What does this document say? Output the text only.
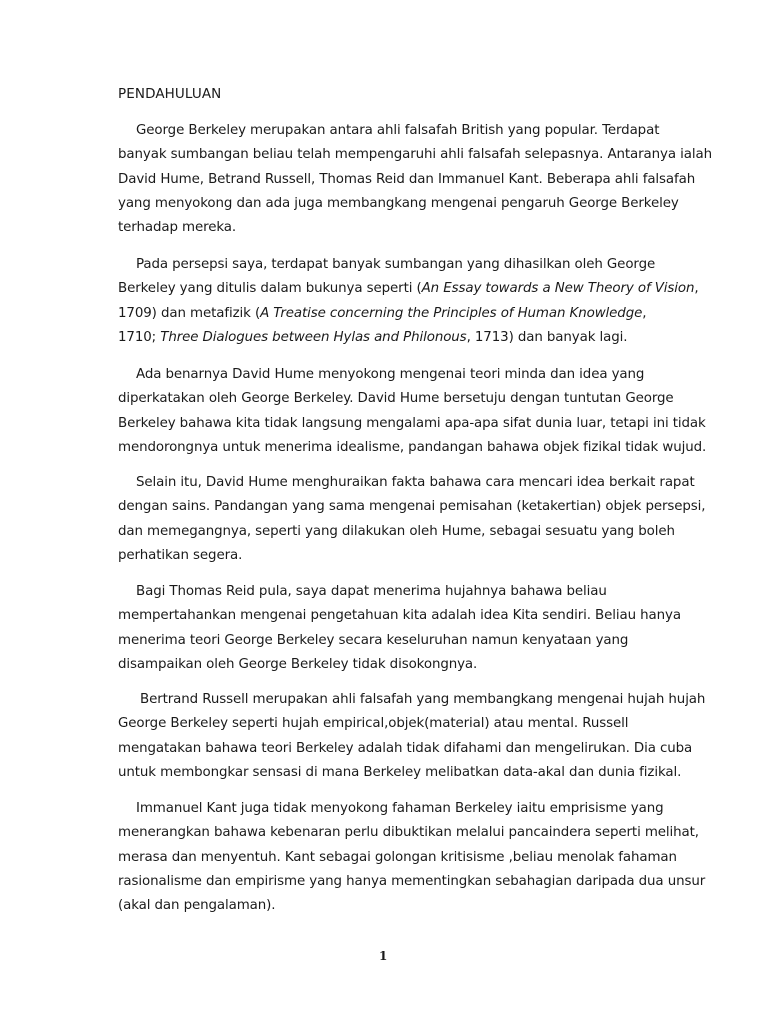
PENDAHULUAN
George Berkeley merupakan antara ahli falsafah British yang popular. Terdapat
banyak sumbangan beliau telah mempengaruhi ahli falsafah selepasnya. Antaranya ialah
David Hume, Betrand Russell, Thomas Reid dan Immanuel Kant. Beberapa ahli falsafah
yang menyokong dan ada juga membangkang mengenai pengaruh George Berkeley
terhadap mereka.
Pada persepsi saya, terdapat banyak sumbangan yang dihasilkan oleh George
Berkeley yang ditulis dalam bukunya seperti (An Essay towards a New Theory of Vision,
1709) dan metafizik (A Treatise concerning the Principles of Human Knowledge,
1710; Three Dialogues between Hylas and Philonous, 1713) dan banyak lagi.
Ada benarnya David Hume menyokong mengenai teori minda dan idea yang
diperkatakan oleh George Berkeley. David Hume bersetuju dengan tuntutan George
Berkeley bahawa kita tidak langsung mengalami apa-apa sifat dunia luar, tetapi ini tidak
mendorongnya untuk menerima idealisme, pandangan bahawa objek fizikal tidak wujud.
Selain itu, David Hume menghuraikan fakta bahawa cara mencari idea berkait rapat
dengan sains. Pandangan yang sama mengenai pemisahan (ketakertian) objek persepsi,
dan memegangnya, seperti yang dilakukan oleh Hume, sebagai sesuatu yang boleh
perhatikan segera.
Bagi Thomas Reid pula, saya dapat menerima hujahnya bahawa beliau
mempertahankan mengenai pengetahuan kita adalah idea Kita sendiri. Beliau hanya
menerima teori George Berkeley secara keseluruhan namun kenyataan yang
disampaikan oleh George Berkeley tidak disokongnya.
Bertrand Russell merupakan ahli falsafah yang membangkang mengenai hujah hujah
George Berkeley seperti hujah empirical,objek(material) atau mental. Russell
mengatakan bahawa teori Berkeley adalah tidak difahami dan mengelirukan. Dia cuba
untuk membongkar sensasi di mana Berkeley melibatkan data-akal dan dunia fizikal.
Immanuel Kant juga tidak menyokong fahaman Berkeley iaitu emprisisme yang
menerangkan bahawa kebenaran perlu dibuktikan melalui pancaindera seperti melihat,
merasa dan menyentuh. Kant sebagai golongan kritisisme ,beliau menolak fahaman
rasionalisme dan empirisme yang hanya mementingkan sebahagian daripada dua unsur
(akal dan pengalaman).
1
